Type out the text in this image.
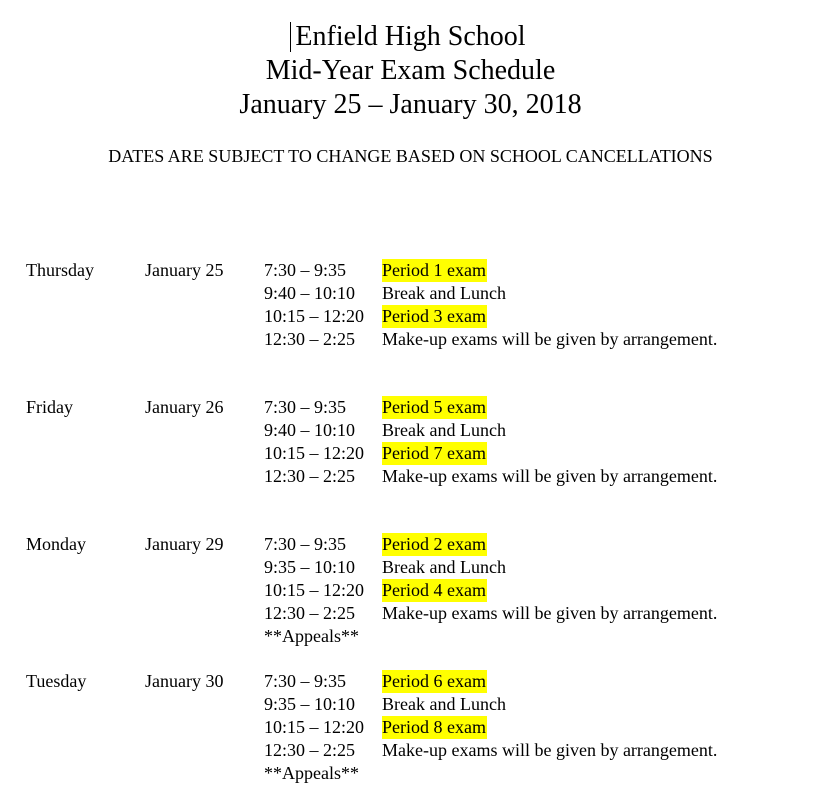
Enfield High School
Mid-Year Exam Schedule
January 25 – January 30, 2018
DATES ARE SUBJECT TO CHANGE BASED ON SCHOOL CANCELLATIONS
Thursday	January 25 7:30 – 9:35 Period 1 exam
9:40 – 10:10 Break and Lunch
10:15 – 12:20 Period 3 exam
12:30 – 2:25 Make-up exams will be given by arrangement.
Friday	January 26 7:30 – 9:35 Period 5 exam
9:40 – 10:10 Break and Lunch
10:15 – 12:20 Period 7 exam
12:30 – 2:25 Make-up exams will be given by arrangement.
Monday	January 29 7:30 – 9:35 Period 2 exam
9:35 – 10:10 Break and Lunch
10:15 – 12:20 Period 4 exam
12:30 – 2:25 Make-up exams will be given by arrangement.
**Appeals**
Tuesday	January 30 7:30 – 9:35 Period 6 exam
9:35 – 10:10 Break and Lunch
10:15 – 12:20 Period 8 exam
12:30 – 2:25 Make-up exams will be given by arrangement.
**Appeals**
